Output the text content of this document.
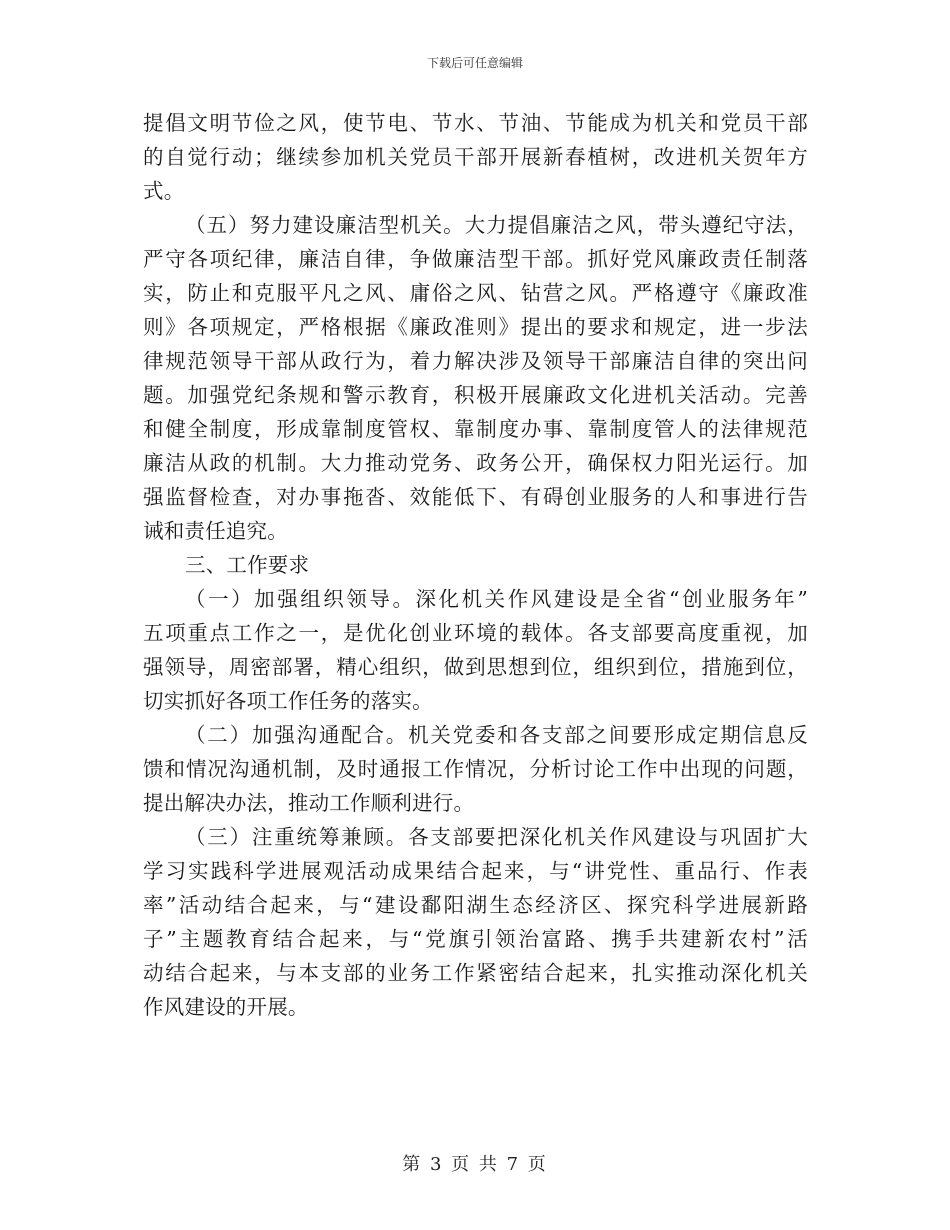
下载后可任意编辑
提倡文明节俭之风，使节电、节水、节油、节能成为机关和党员干部
的自觉行动；继续参加机关党员干部开展新春植树，改进机关贺年方
式。
（五）努力建设廉洁型机关。大力提倡廉洁之风，带头遵纪守法，
严守各项纪律，廉洁自律，争做廉洁型干部。抓好党风廉政责任制落
实，防止和克服平凡之风、庸俗之风、钻营之风。严格遵守《廉政准
则》各项规定，严格根据《廉政准则》提出的要求和规定，进一步法
律规范领导干部从政行为，着力解决涉及领导干部廉洁自律的突出问
题。加强党纪条规和警示教育，积极开展廉政文化进机关活动。完善
和健全制度，形成靠制度管权、靠制度办事、靠制度管人的法律规范
廉洁从政的机制。大力推动党务、政务公开，确保权力阳光运行。加
强监督检查，对办事拖沓、效能低下、有碍创业服务的人和事进行告
诫和责任追究。
三、工作要求
（一）加强组织领导。深化机关作风建设是全省“创业服务年”
五项重点工作之一，是优化创业环境的载体。各支部要高度重视，加
强领导，周密部署，精心组织，做到思想到位，组织到位，措施到位，
切实抓好各项工作任务的落实。
（二）加强沟通配合。机关党委和各支部之间要形成定期信息反
馈和情况沟通机制，及时通报工作情况，分析讨论工作中出现的问题，
提出解决办法，推动工作顺利进行。
（三）注重统筹兼顾。各支部要把深化机关作风建设与巩固扩大
学习实践科学进展观活动成果结合起来，与“讲党性、重品行、作表
率”活动结合起来，与“建设鄱阳湖生态经济区、探究科学进展新路
子”主题教育结合起来，与“党旗引领治富路、携手共建新农村”活
动结合起来，与本支部的业务工作紧密结合起来，扎实推动深化机关
作风建设的开展。
第 3 页 共 7 页
